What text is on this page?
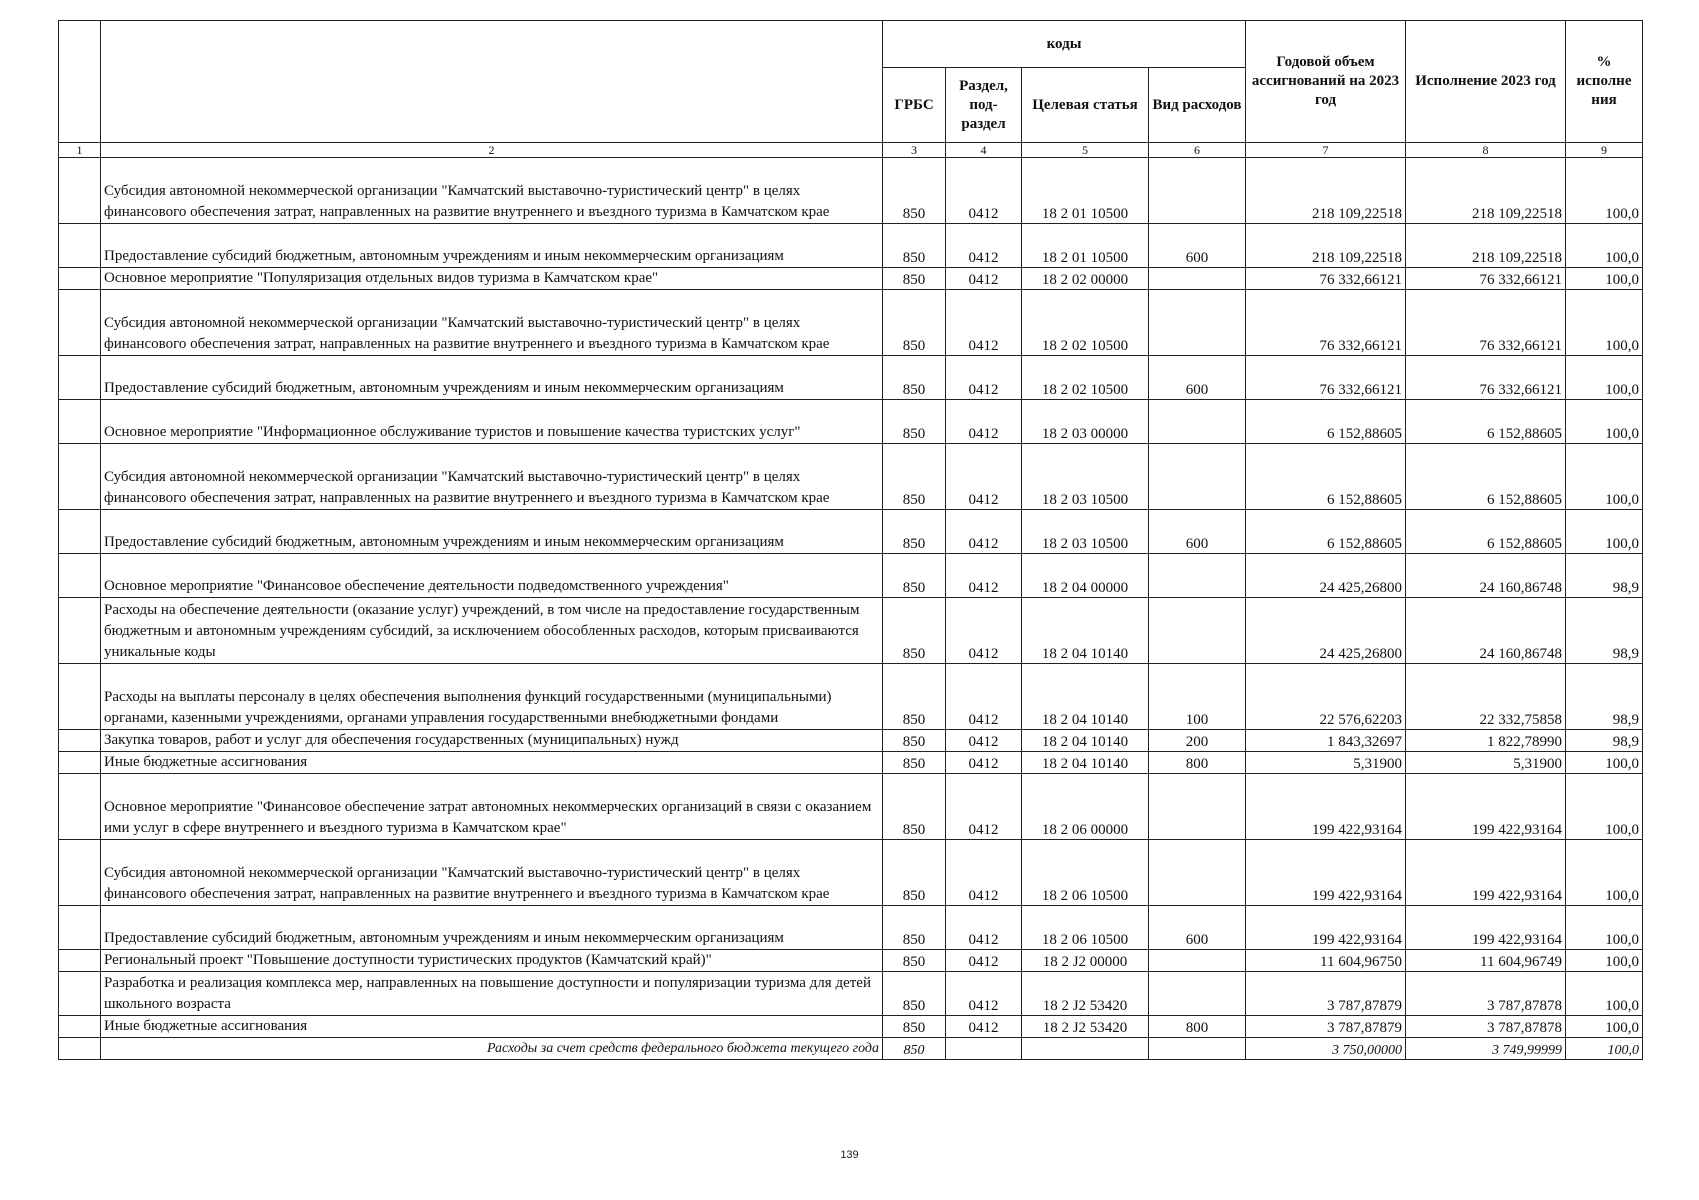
		коды				Годовой объем ассигнований на 2023 год	Исполнение 2023 год	% исполне ния
		ГРБС	Раздел, под-раздел	Целевая статья	Вид расходов			
1	2	3	4	5	6	7	8	9
	Субсидия автономной некоммерческой организации "Камчатский выставочно-туристический центр" в целях финансового обеспечения затрат, направленных на развитие внутреннего и въездного туризма в Камчатском крае	850	0412	18 2 01 10500		218 109,22518	218 109,22518	100,0
	Предоставление субсидий бюджетным, автономным учреждениям и иным некоммерческим организациям	850	0412	18 2 01 10500	600	218 109,22518	218 109,22518	100,0
	Основное мероприятие "Популяризация отдельных видов туризма в Камчатском крае"	850	0412	18 2 02 00000		76 332,66121	76 332,66121	100,0
	Субсидия автономной некоммерческой организации "Камчатский выставочно-туристический центр" в целях финансового обеспечения затрат, направленных на развитие внутреннего и въездного туризма в Камчатском крае	850	0412	18 2 02 10500		76 332,66121	76 332,66121	100,0
	Предоставление субсидий бюджетным, автономным учреждениям и иным некоммерческим организациям	850	0412	18 2 02 10500	600	76 332,66121	76 332,66121	100,0
	Основное мероприятие "Информационное обслуживание туристов и повышение качества туристских услуг"	850	0412	18 2 03 00000		6 152,88605	6 152,88605	100,0
	Субсидия автономной некоммерческой организации "Камчатский выставочно-туристический центр" в целях финансового обеспечения затрат, направленных на развитие внутреннего и въездного туризма в Камчатском крае	850	0412	18 2 03 10500		6 152,88605	6 152,88605	100,0
	Предоставление субсидий бюджетным, автономным учреждениям и иным некоммерческим организациям	850	0412	18 2 03 10500	600	6 152,88605	6 152,88605	100,0
	Основное мероприятие "Финансовое обеспечение деятельности подведомственного учреждения"	850	0412	18 2 04 00000		24 425,26800	24 160,86748	98,9
	Расходы на обеспечение деятельности (оказание услуг) учреждений, в том числе на предоставление государственным бюджетным и автономным учреждениям субсидий, за исключением обособленных расходов, которым присваиваются уникальные коды	850	0412	18 2 04 10140		24 425,26800	24 160,86748	98,9
	Расходы на выплаты персоналу в целях обеспечения выполнения функций государственными (муниципальными) органами, казенными учреждениями, органами управления государственными внебюджетными фондами	850	0412	18 2 04 10140	100	22 576,62203	22 332,75858	98,9
	Закупка товаров, работ и услуг для обеспечения государственных (муниципальных) нужд	850	0412	18 2 04 10140	200	1 843,32697	1 822,78990	98,9
	Иные бюджетные ассигнования	850	0412	18 2 04 10140	800	5,31900	5,31900	100,0
	Основное мероприятие "Финансовое обеспечение затрат автономных некоммерческих организаций в связи с оказанием ими услуг в сфере внутреннего и въездного туризма в Камчатском крае"	850	0412	18 2 06 00000		199 422,93164	199 422,93164	100,0
	Субсидия автономной некоммерческой организации "Камчатский выставочно-туристический центр" в целях финансового обеспечения затрат, направленных на развитие внутреннего и въездного туризма в Камчатском крае	850	0412	18 2 06 10500		199 422,93164	199 422,93164	100,0
	Предоставление субсидий бюджетным, автономным учреждениям и иным некоммерческим организациям	850	0412	18 2 06 10500	600	199 422,93164	199 422,93164	100,0
	Региональный проект "Повышение доступности туристических продуктов (Камчатский край)"	850	0412	18 2 J2 00000		11 604,96750	11 604,96749	100,0
	Разработка и реализация комплекса мер, направленных на повышение доступности и популяризации туризма для детей школьного возраста	850	0412	18 2 J2 53420		3 787,87879	3 787,87878	100,0
	Иные бюджетные ассигнования	850	0412	18 2 J2 53420	800	3 787,87879	3 787,87878	100,0
	Расходы за счет средств федерального бюджета текущего года	850				3 750,00000	3 749,99999	100,0
139
